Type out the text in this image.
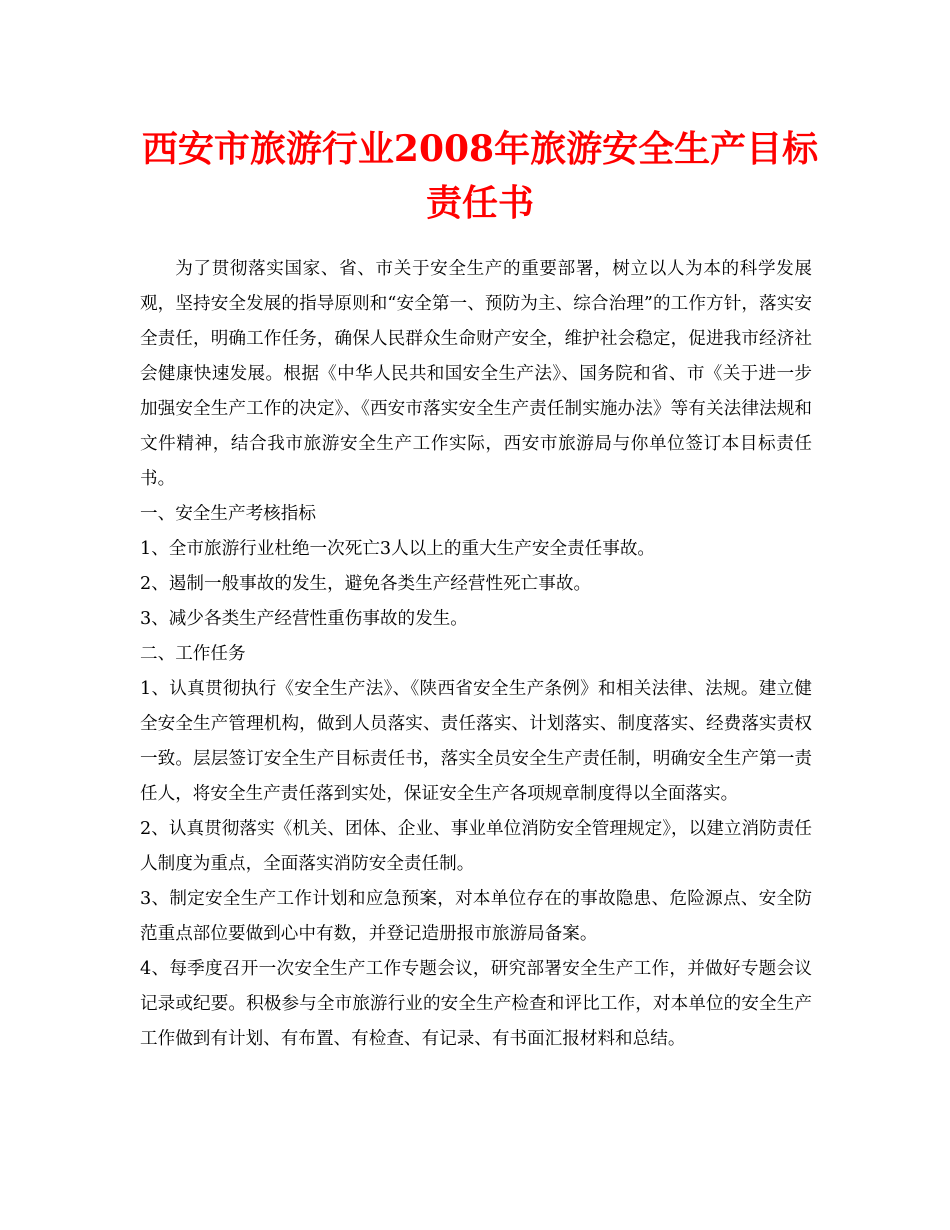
西安市旅游行业2008年旅游安全生产目标责任书

为了贯彻落实国家、省、市关于安全生产的重要部署，树立以人为本的科学发展观，坚持安全发展的指导原则和“安全第一、预防为主、综合治理”的工作方针，落实安全责任，明确工作任务，确保人民群众生命财产安全，维护社会稳定，促进我市经济社会健康快速发展。根据《中华人民共和国安全生产法》、国务院和省、市《关于进一步加强安全生产工作的决定》、《西安市落实安全生产责任制实施办法》等有关法律法规和文件精神，结合我市旅游安全生产工作实际，西安市旅游局与你单位签订本目标责任书。

一、安全生产考核指标

1、全市旅游行业杜绝一次死亡3人以上的重大生产安全责任事故。

2、遏制一般事故的发生，避免各类生产经营性死亡事故。

3、减少各类生产经营性重伤事故的发生。

二、工作任务

1、认真贯彻执行《安全生产法》、《陕西省安全生产条例》和相关法律、法规。建立健全安全生产管理机构，做到人员落实、责任落实、计划落实、制度落实、经费落实责权一致。层层签订安全生产目标责任书，落实全员安全生产责任制，明确安全生产第一责任人，将安全生产责任落到实处，保证安全生产各项规章制度得以全面落实。

2、认真贯彻落实《机关、团体、企业、事业单位消防安全管理规定》，以建立消防责任人制度为重点，全面落实消防安全责任制。

3、制定安全生产工作计划和应急预案，对本单位存在的事故隐患、危险源点、安全防范重点部位要做到心中有数，并登记造册报市旅游局备案。

4、每季度召开一次安全生产工作专题会议，研究部署安全生产工作，并做好专题会议记录或纪要。积极参与全市旅游行业的安全生产检查和评比工作，对本单位的安全生产工作做到有计划、有布置、有检查、有记录、有书面汇报材料和总结。
